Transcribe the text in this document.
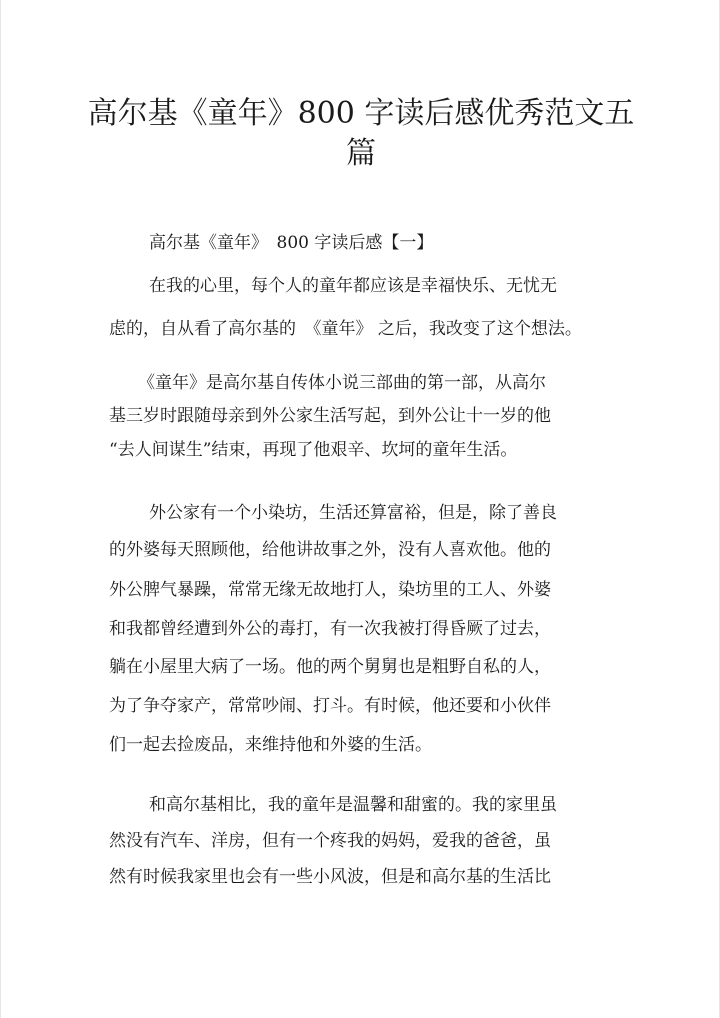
高尔基《童年》800 字读后感优秀范文五
篇
高尔基《童年》　800 字读后感【一】
在我的心里，每个人的童年都应该是幸福快乐、无忧无
虑的，自从看了高尔基的　《童年》 之后，我改变了这个想法。
《童年》是高尔基自传体小说三部曲的第一部，从高尔
基三岁时跟随母亲到外公家生活写起，到外公让十一岁的他
“去人间谋生”结束，再现了他艰辛、坎坷的童年生活。
外公家有一个小染坊，生活还算富裕，但是，除了善良
的外婆每天照顾他，给他讲故事之外，没有人喜欢他。他的
外公脾气暴躁，常常无缘无故地打人，染坊里的工人、外婆
和我都曾经遭到外公的毒打，有一次我被打得昏厥了过去，
躺在小屋里大病了一场。他的两个舅舅也是粗野自私的人，
为了争夺家产，常常吵闹、打斗。有时候，他还要和小伙伴
们一起去捡废品，来维持他和外婆的生活。
和高尔基相比，我的童年是温馨和甜蜜的。我的家里虽
然没有汽车、洋房，但有一个疼我的妈妈，爱我的爸爸，虽
然有时候我家里也会有一些小风波，但是和高尔基的生活比
